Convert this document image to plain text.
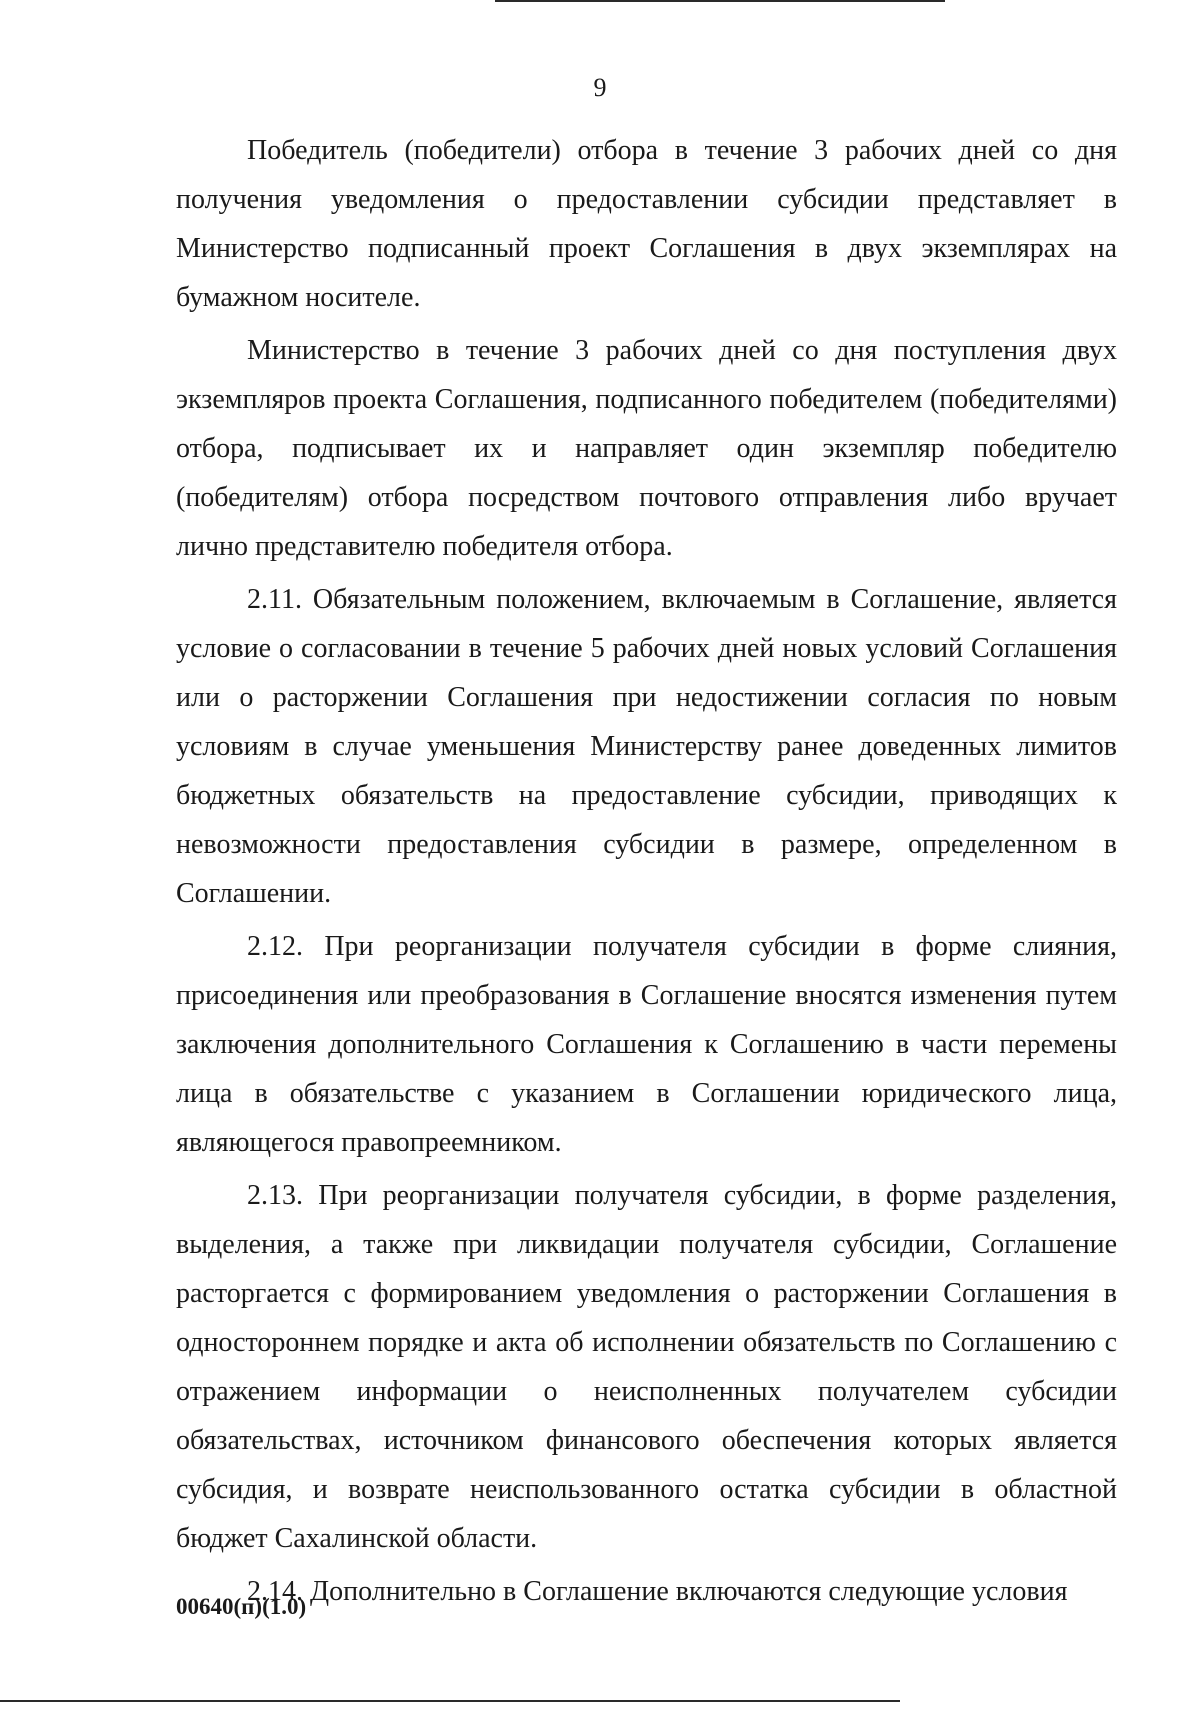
9

Победитель (победители) отбора в течение 3 рабочих дней со дня получения уведомления о предоставлении субсидии представляет в Министерство подписанный проект Соглашения в двух экземплярах на бумажном носителе.

Министерство в течение 3 рабочих дней со дня поступления двух экземпляров проекта Соглашения, подписанного победителем (победителями) отбора, подписывает их и направляет один экземпляр победителю (победителям) отбора посредством почтового отправления либо вручает лично представителю победителя отбора.

2.11. Обязательным положением, включаемым в Соглашение, является условие о согласовании в течение 5 рабочих дней новых условий Соглашения или о расторжении Соглашения при недостижении согласия по новым условиям в случае уменьшения Министерству ранее доведенных лимитов бюджетных обязательств на предоставление субсидии, приводящих к невозможности предоставления субсидии в размере, определенном в Соглашении.

2.12. При реорганизации получателя субсидии в форме слияния, присоединения или преобразования в Соглашение вносятся изменения путем заключения дополнительного Соглашения к Соглашению в части перемены лица в обязательстве с указанием в Соглашении юридического лица, являющегося правопреемником.

2.13. При реорганизации получателя субсидии, в форме разделения, выделения, а также при ликвидации получателя субсидии, Соглашение расторгается с формированием уведомления о расторжении Соглашения в одностороннем порядке и акта об исполнении обязательств по Соглашению с отражением информации о неисполненных получателем субсидии обязательствах, источником финансового обеспечения которых является субсидия, и возврате неиспользованного остатка субсидии в областной бюджет Сахалинской области.

2.14. Дополнительно в Соглашение включаются следующие условия

00640(п)(1.0)
